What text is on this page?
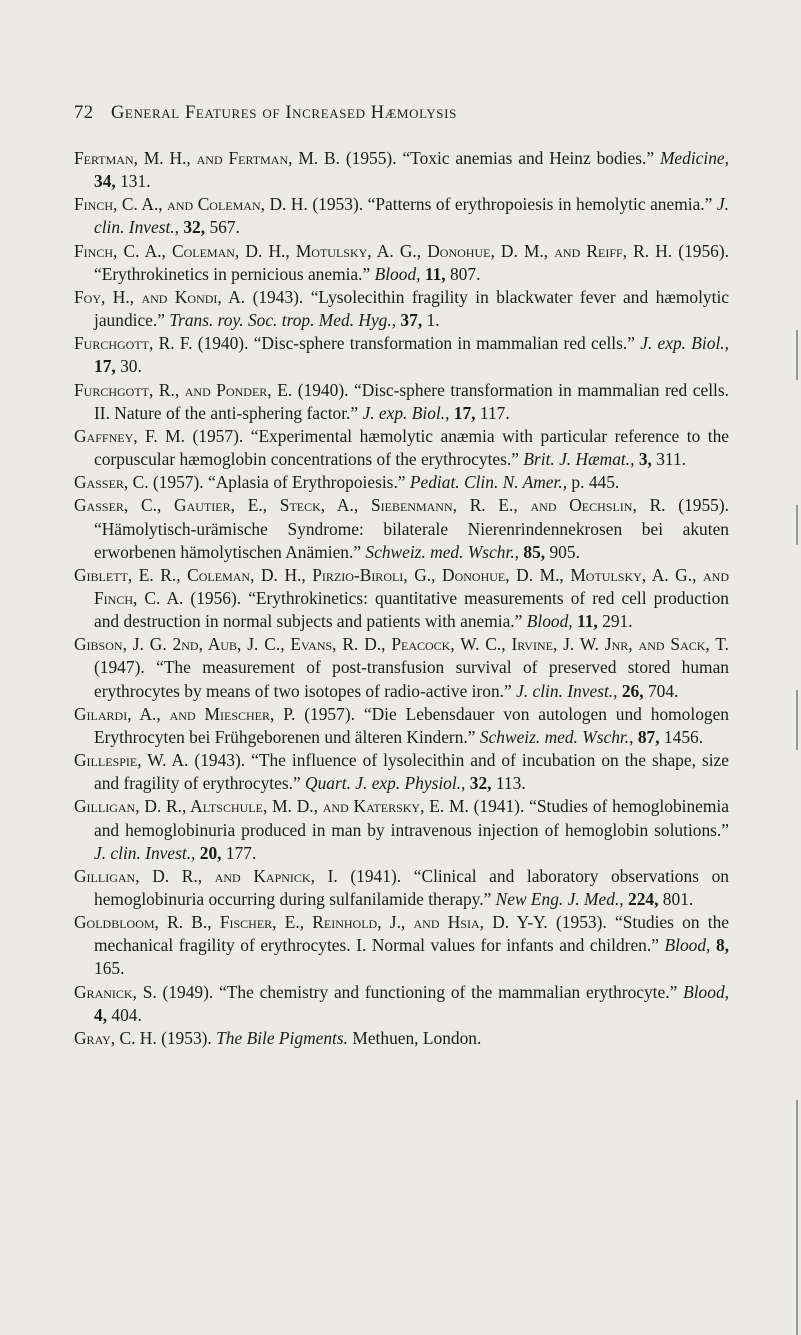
72 General Features of Increased Hæmolysis

Fertman, M. H., and Fertman, M. B. (1955). “Toxic anemias and Heinz bodies.” Medicine, 34, 131.

Finch, C. A., and Coleman, D. H. (1953). “Patterns of erythropoiesis in hemolytic anemia.” J. clin. Invest., 32, 567.

Finch, C. A., Coleman, D. H., Motulsky, A. G., Donohue, D. M., and Reiff, R. H. (1956). “Erythrokinetics in pernicious anemia.” Blood, 11, 807.

Foy, H., and Kondi, A. (1943). “Lysolecithin fragility in blackwater fever and hæmolytic jaundice.” Trans. roy. Soc. trop. Med. Hyg., 37, 1.

Furchgott, R. F. (1940). “Disc-sphere transformation in mammalian red cells.” J. exp. Biol., 17, 30.

Furchgott, R., and Ponder, E. (1940). “Disc-sphere transformation in mammalian red cells. II. Nature of the anti-sphering factor.” J. exp. Biol., 17, 117.

Gaffney, F. M. (1957). “Experimental hæmolytic anæmia with particular reference to the corpuscular hæmoglobin concentrations of the erythrocytes.” Brit. J. Hæmat., 3, 311.

Gasser, C. (1957). “Aplasia of Erythropoiesis.” Pediat. Clin. N. Amer., p. 445.

Gasser, C., Gautier, E., Steck, A., Siebenmann, R. E., and Oechslin, R. (1955). “Hämolytisch-urämische Syndrome: bilaterale Nierenrindennekrosen bei akuten erworbenen hämolytischen Anämien.” Schweiz. med. Wschr., 85, 905.

Giblett, E. R., Coleman, D. H., Pirzio-Biroli, G., Donohue, D. M., Motulsky, A. G., and Finch, C. A. (1956). “Erythrokinetics: quantitative measurements of red cell production and destruction in normal subjects and patients with anemia.” Blood, 11, 291.

Gibson, J. G. 2nd, Aub, J. C., Evans, R. D., Peacock, W. C., Irvine, J. W. Jnr, and Sack, T. (1947). “The measurement of post-transfusion survival of preserved stored human erythrocytes by means of two isotopes of radio-active iron.” J. clin. Invest., 26, 704.

Gilardi, A., and Miescher, P. (1957). “Die Lebensdauer von autologen und homologen Erythrocyten bei Frühgeborenen und älteren Kindern.” Schweiz. med. Wschr., 87, 1456.

Gillespie, W. A. (1943). “The influence of lysolecithin and of incubation on the shape, size and fragility of erythrocytes.” Quart. J. exp. Physiol., 32, 113.

Gilligan, D. R., Altschule, M. D., and Katersky, E. M. (1941). “Studies of hemoglobinemia and hemoglobinuria produced in man by intravenous injection of hemoglobin solutions.” J. clin. Invest., 20, 177.

Gilligan, D. R., and Kapnick, I. (1941). “Clinical and laboratory observations on hemoglobinuria occurring during sulfanilamide therapy.” New Eng. J. Med., 224, 801.

Goldbloom, R. B., Fischer, E., Reinhold, J., and Hsia, D. Y-Y. (1953). “Studies on the mechanical fragility of erythrocytes. I. Normal values for infants and children.” Blood, 8, 165.

Granick, S. (1949). “The chemistry and functioning of the mammalian erythrocyte.” Blood, 4, 404.

Gray, C. H. (1953). The Bile Pigments. Methuen, London.
